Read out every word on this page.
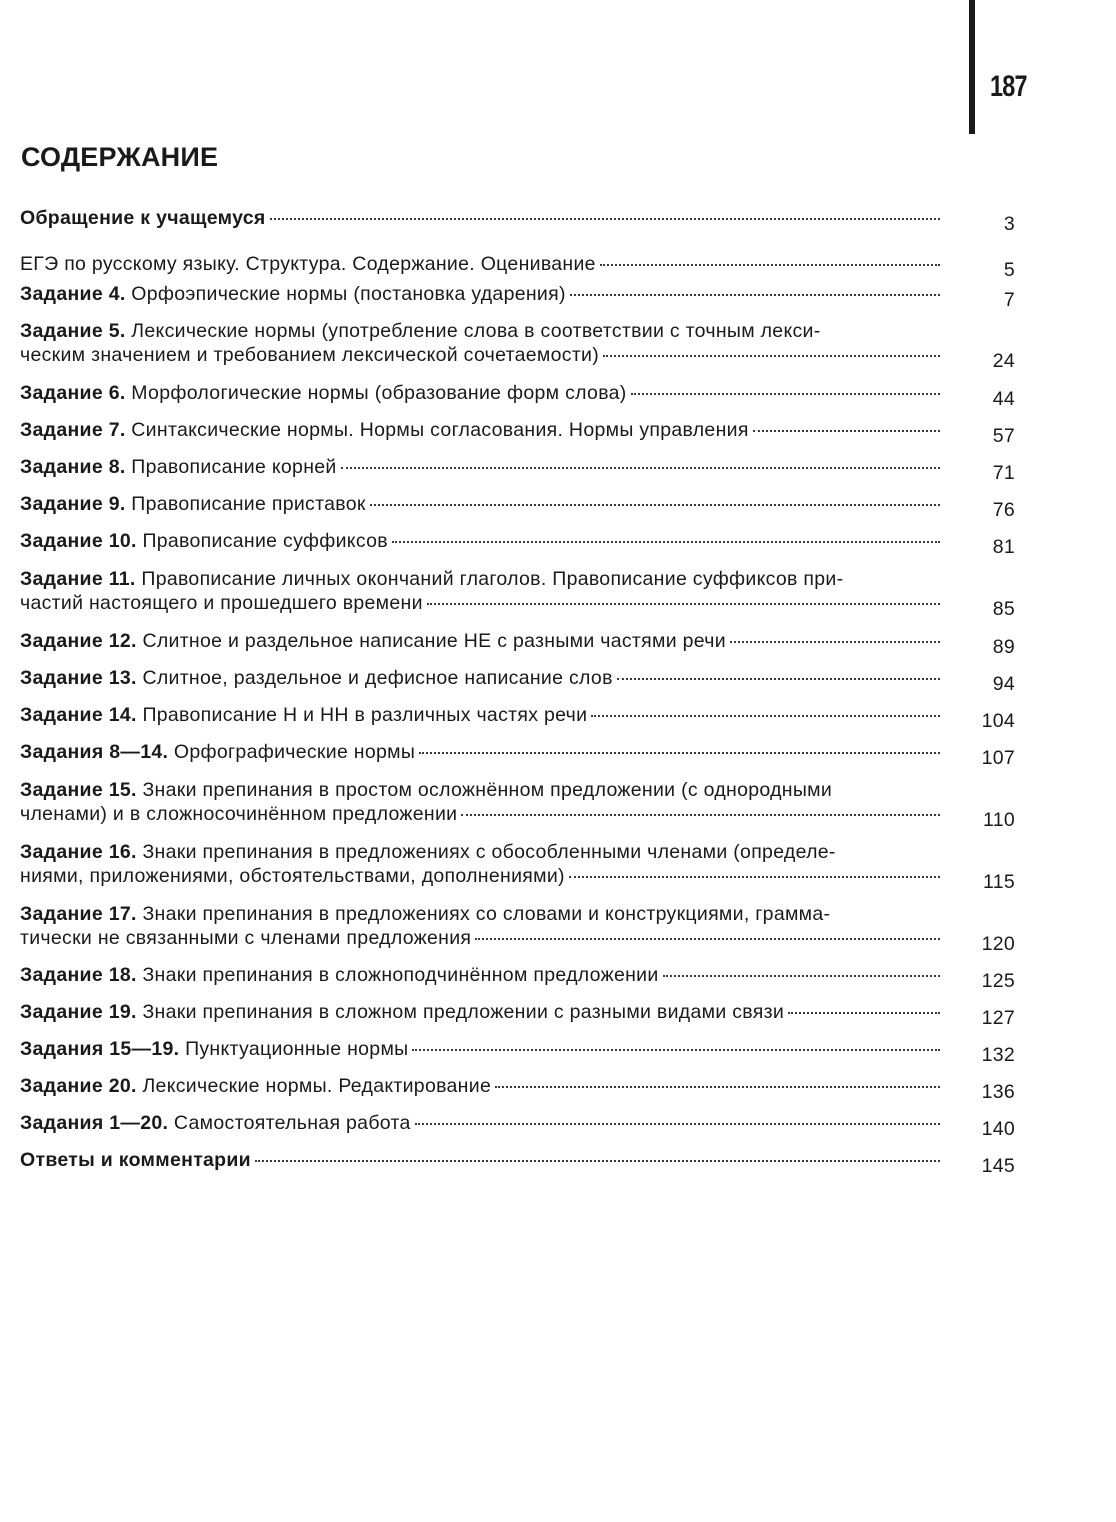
187
СОДЕРЖАНИЕ
Обращение к учащемуся	3
ЕГЭ по русскому языку. Структура. Содержание. Оценивание	5
Задание 4. Орфоэпические нормы (постановка ударения)	7
Задание 5. Лексические нормы (употребление слова в соответствии с точным лекси-
ческим значением и требованием лексической сочетаемости)	24
Задание 6. Морфологические нормы (образование форм слова)	44
Задание 7. Синтаксические нормы. Нормы согласования. Нормы управления	57
Задание 8. Правописание корней	71
Задание 9. Правописание приставок	76
Задание 10. Правописание суффиксов	81
Задание 11. Правописание личных окончаний глаголов. Правописание суффиксов при-
частий настоящего и прошедшего времени	85
Задание 12. Слитное и раздельное написание НЕ с разными частями речи	89
Задание 13. Слитное, раздельное и дефисное написание слов	94
Задание 14. Правописание Н и НН в различных частях речи	104
Задания 8—14. Орфографические нормы	107
Задание 15. Знаки препинания в простом осложнённом предложении (с однородными
членами) и в сложносочинённом предложении	110
Задание 16. Знаки препинания в предложениях с обособленными членами (определе-
ниями, приложениями, обстоятельствами, дополнениями)	115
Задание 17. Знаки препинания в предложениях со словами и конструкциями, грамма-
тически не связанными с членами предложения	120
Задание 18. Знаки препинания в сложноподчинённом предложении	125
Задание 19. Знаки препинания в сложном предложении с разными видами связи	127
Задания 15—19. Пунктуационные нормы	132
Задание 20. Лексические нормы. Редактирование	136
Задания 1—20. Самостоятельная работа	140
Ответы и комментарии	145
